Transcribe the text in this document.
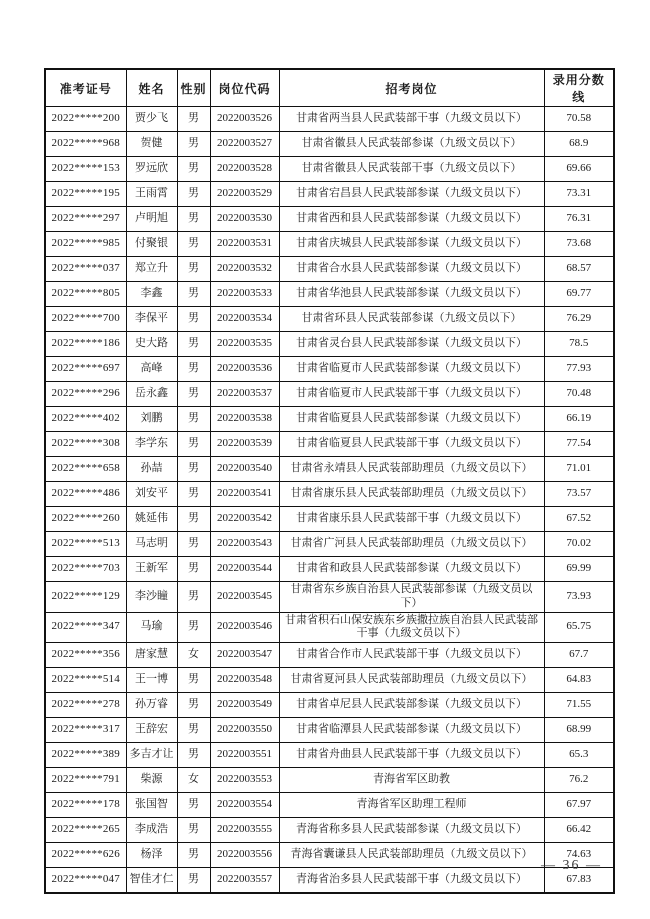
准考证号	姓名	性别	岗位代码	招考岗位	录用分数线
2022*****200	贾少飞	男	2022003526	甘肃省两当县人民武装部干事（九级文员以下）	70.58
2022*****968	贺健	男	2022003527	甘肃省徽县人民武装部参谋（九级文员以下）	68.9
2022*****153	罗远欣	男	2022003528	甘肃省徽县人民武装部干事（九级文员以下）	69.66
2022*****195	王雨霄	男	2022003529	甘肃省宕昌县人民武装部参谋（九级文员以下）	73.31
2022*****297	卢明旭	男	2022003530	甘肃省西和县人民武装部参谋（九级文员以下）	76.31
2022*****985	付聚银	男	2022003531	甘肃省庆城县人民武装部参谋（九级文员以下）	73.68
2022*****037	郑立升	男	2022003532	甘肃省合水县人民武装部参谋（九级文员以下）	68.57
2022*****805	李鑫	男	2022003533	甘肃省华池县人民武装部参谋（九级文员以下）	69.77
2022*****700	李保平	男	2022003534	甘肃省环县人民武装部参谋（九级文员以下）	76.29
2022*****186	史大路	男	2022003535	甘肃省灵台县人民武装部参谋（九级文员以下）	78.5
2022*****697	高峰	男	2022003536	甘肃省临夏市人民武装部参谋（九级文员以下）	77.93
2022*****296	岳永鑫	男	2022003537	甘肃省临夏市人民武装部干事（九级文员以下）	70.48
2022*****402	刘鹏	男	2022003538	甘肃省临夏县人民武装部参谋（九级文员以下）	66.19
2022*****308	李学东	男	2022003539	甘肃省临夏县人民武装部干事（九级文员以下）	77.54
2022*****658	孙喆	男	2022003540	甘肃省永靖县人民武装部助理员（九级文员以下）	71.01
2022*****486	刘安平	男	2022003541	甘肃省康乐县人民武装部助理员（九级文员以下）	73.57
2022*****260	姚延伟	男	2022003542	甘肃省康乐县人民武装部干事（九级文员以下）	67.52
2022*****513	马志明	男	2022003543	甘肃省广河县人民武装部助理员（九级文员以下）	70.02
2022*****703	王新军	男	2022003544	甘肃省和政县人民武装部参谋（九级文员以下）	69.99
2022*****129	李沙瞳	男	2022003545	甘肃省东乡族自治县人民武装部参谋（九级文员以下）	73.93
2022*****347	马瑜	男	2022003546	甘肃省积石山保安族东乡族撒拉族自治县人民武装部干事（九级文员以下）	65.75
2022*****356	唐家慧	女	2022003547	甘肃省合作市人民武装部干事（九级文员以下）	67.7
2022*****514	王一博	男	2022003548	甘肃省夏河县人民武装部助理员（九级文员以下）	64.83
2022*****278	孙万睿	男	2022003549	甘肃省卓尼县人民武装部参谋（九级文员以下）	71.55
2022*****317	王辞宏	男	2022003550	甘肃省临潭县人民武装部参谋（九级文员以下）	68.99
2022*****389	多吉才让	男	2022003551	甘肃省舟曲县人民武装部干事（九级文员以下）	65.3
2022*****791	柴源	女	2022003553	青海省军区助教	76.2
2022*****178	张国智	男	2022003554	青海省军区助理工程师	67.97
2022*****265	李成浩	男	2022003555	青海省称多县人民武装部参谋（九级文员以下）	66.42
2022*****626	杨泽	男	2022003556	青海省囊谦县人民武装部助理员（九级文员以下）	74.63
2022*****047	智佳才仁	男	2022003557	青海省治多县人民武装部干事（九级文员以下）	67.83
— 36 —
